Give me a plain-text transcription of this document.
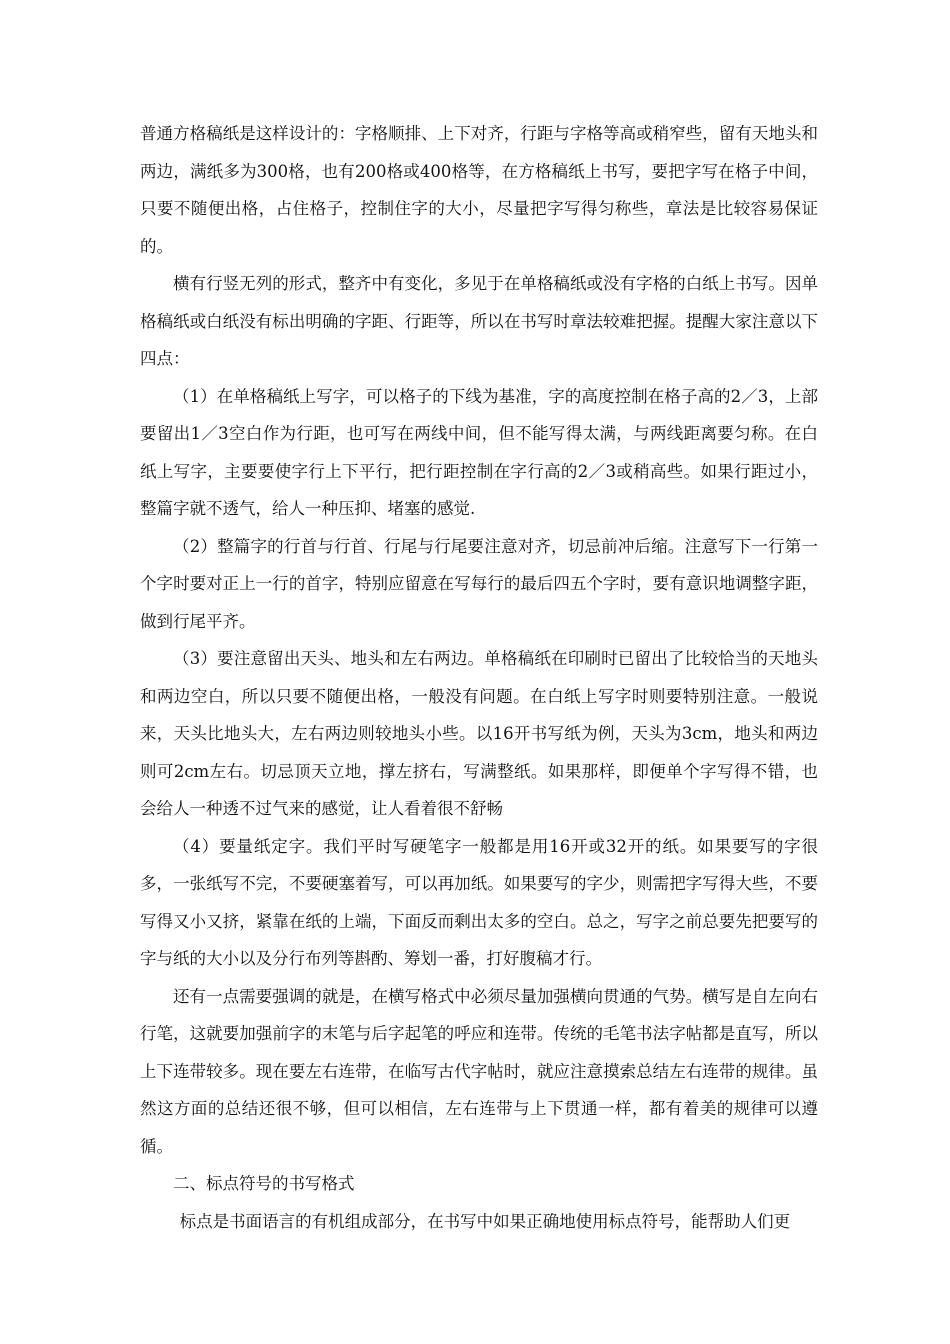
普通方格稿纸是这样设计的：字格顺排、上下对齐，行距与字格等高或稍窄些，留有天地头和两边，满纸多为300格，也有200格或400格等，在方格稿纸上书写，要把字写在格子中间，只要不随便出格，占住格子，控制住字的大小，尽量把字写得匀称些，章法是比较容易保证的。

横有行竖无列的形式，整齐中有变化，多见于在单格稿纸或没有字格的白纸上书写。因单格稿纸或白纸没有标出明确的字距、行距等，所以在书写时章法较难把握。提醒大家注意以下四点：

（1）在单格稿纸上写字，可以格子的下线为基准，字的高度控制在格子高的2／3，上部要留出1／3空白作为行距，也可写在两线中间，但不能写得太满，与两线距离要匀称。在白纸上写字，主要要使字行上下平行，把行距控制在字行高的2／3或稍高些。如果行距过小，整篇字就不透气，给人一种压抑、堵塞的感觉.

（2）整篇字的行首与行首、行尾与行尾要注意对齐，切忌前冲后缩。注意写下一行第一个字时要对正上一行的首字，特别应留意在写每行的最后四五个字时，要有意识地调整字距，做到行尾平齐。

（3）要注意留出天头、地头和左右两边。单格稿纸在印刷时已留出了比较恰当的天地头和两边空白，所以只要不随便出格，一般没有问题。在白纸上写字时则要特别注意。一般说来，天头比地头大，左右两边则较地头小些。以16开书写纸为例，天头为3cm，地头和两边则可2cm左右。切忌顶天立地，撑左挤右，写满整纸。如果那样，即便单个字写得不错，也会给人一种透不过气来的感觉，让人看着很不舒畅

（4）要量纸定字。我们平时写硬笔字一般都是用16开或32开的纸。如果要写的字很多，一张纸写不完，不要硬塞着写，可以再加纸。如果要写的字少，则需把字写得大些，不要写得又小又挤，紧靠在纸的上端，下面反而剩出太多的空白。总之，写字之前总要先把要写的字与纸的大小以及分行布列等斟酌、筹划一番，打好腹稿才行。

还有一点需要强调的就是，在横写格式中必须尽量加强横向贯通的气势。横写是自左向右行笔，这就要加强前字的末笔与后字起笔的呼应和连带。传统的毛笔书法字帖都是直写，所以上下连带较多。现在要左右连带，在临写古代字帖时，就应注意摸索总结左右连带的规律。虽然这方面的总结还很不够，但可以相信，左右连带与上下贯通一样，都有着美的规律可以遵循。

二、标点符号的书写格式

标点是书面语言的有机组成部分，在书写中如果正确地使用标点符号，能帮助人们更
